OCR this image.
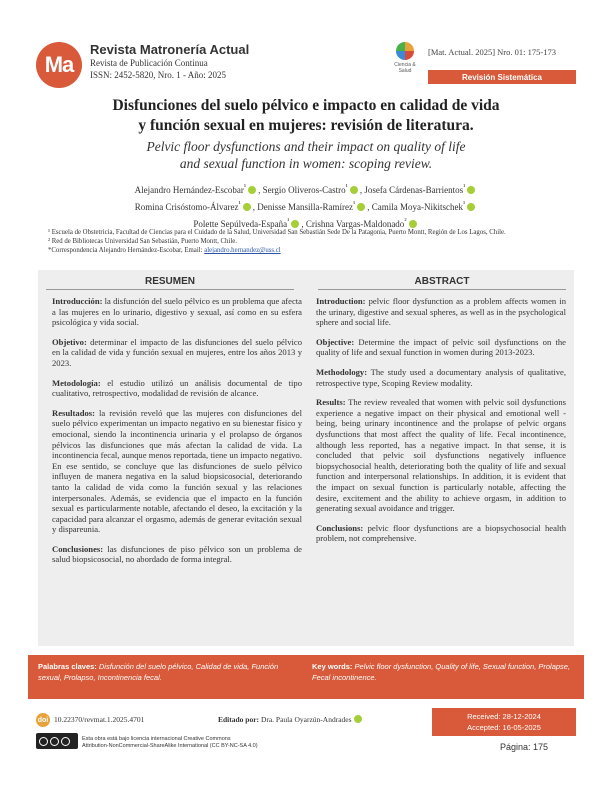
Ma
Revista Matronería Actual
Revista de Publicación Continua
ISSN: 2452-5820, Nro. 1 - Año: 2025
Ciencia &
Salud
[Mat. Actual. 2025] Nro. 01: 175-173
Revisión Sistemática
Disfunciones del suelo pélvico e impacto en calidad de vida
y función sexual en mujeres: revisión de literatura.
Pelvic floor dysfunctions and their impact on quality of life
and sexual function in women: scoping review.
Alejandro Hernández-Escobar$^{^1}$ , Sergio Oliveros-Castro$^{^1}$ , Josefa Cárdenas-Barrientos$^{^1}$
Romina Crisóstomo-Álvarez$^{^1}$ , Denisse Mansilla-Ramírez$^{^1}$ , Camila Moya-Nikitschek$^{^1}$
Polette Sepúlveda-España$^{^1}$ , Crishna Vargas-Maldonado$^{^2}$
¹ Escuela de Obstetricia, Facultad de Ciencias para el Cuidado de la Salud, Universidad San Sebastián Sede De la Patagonia, Puerto Montt, Región de Los Lagos, Chile.
² Red de Bibliotecas Universidad San Sebastián, Puerto Montt, Chile.
*Correspondencia Alejandro Hernández-Escobar, Email: alejandro.hernandez@uss.cl
RESUMEN	ABSTRACT

Introducción: la disfunción del suelo pélvico es un problema que afecta a las mujeres en lo urinario, digestivo y sexual, así como en su esfera psicológica y vida social.

Objetivo: determinar el impacto de las disfunciones del suelo pélvico en la calidad de vida y función sexual en mujeres, entre los años 2013 y 2023.

Metodología: el estudio utilizó un análisis documental de tipo cualitativo, retrospectivo, modalidad de revisión de alcance.

Resultados: la revisión reveló que las mujeres con disfunciones del suelo pélvico experimentan un impacto negativo en su bienestar físico y emocional, siendo la incontinencia urinaria y el prolapso de órganos pélvicos las disfunciones que más afectan la calidad de vida. La incontinencia fecal, aunque menos reportada, tiene un impacto negativo. En ese sentido, se concluye que las disfunciones de suelo pélvico influyen de manera negativa en la salud biopsicosocial, deteriorando tanto la calidad de vida como la función sexual y las relaciones interpersonales. Además, se evidencia que el impacto en la función sexual es particularmente notable, afectando el deseo, la excitación y la capacidad para alcanzar el orgasmo, además de generar evitación sexual y dispareunia.

Conclusiones: las disfunciones de piso pélvico son un problema de salud biopsicosocial, no abordado de forma integral.

Introduction: pelvic floor dysfunction as a problem affects women in the urinary, digestive and sexual spheres, as well as in the psychological sphere and social life.

Objective: Determine the impact of pelvic soil dysfunctions on the quality of life and sexual function in women during 2013-2023.

Methodology: The study used a documentary analysis of qualitative, retrospective type, Scoping Review modality.

Results: The review revealed that women with pelvic soil dysfunctions experience a negative impact on their physical and emotional well -being, being urinary incontinence and the prolapse of pelvic organs dysfunctions that most affect the quality of life. Fecal incontinence, although less reported, has a negative impact. In that sense, it is concluded that pelvic soil dysfunctions negatively influence biopsychosocial health, deteriorating both the quality of life and sexual function and interpersonal relationships. In addition, it is evident that the impact on sexual function is particularly notable, affecting the desire, excitement and the ability to achieve orgasm, in addition to generating sexual avoidance and trigger.

Conclusions: pelvic floor dysfunctions are a biopsychosocial health problem, not comprehensive.

Palabras claves: Disfunción del suelo pélvico, Calidad de vida, Función sexual, Prolapso, Incontinencia fecal.
Key words: Pelvic floor dysfunction, Quality of life, Sexual function, Prolapse, Fecal incontinence.
doi 10.22370/revmat.1.2025.4701	Editado por: Dra. Paula Oyarzún-Andrades	Received: 28-12-2024
Accepted: 16-05-2025
Esta obra está bajo licencia internacional Creative Commons
Attribution-NonCommercial-ShareAlike International (CC BY-NC-SA 4.0)	Página: 175
